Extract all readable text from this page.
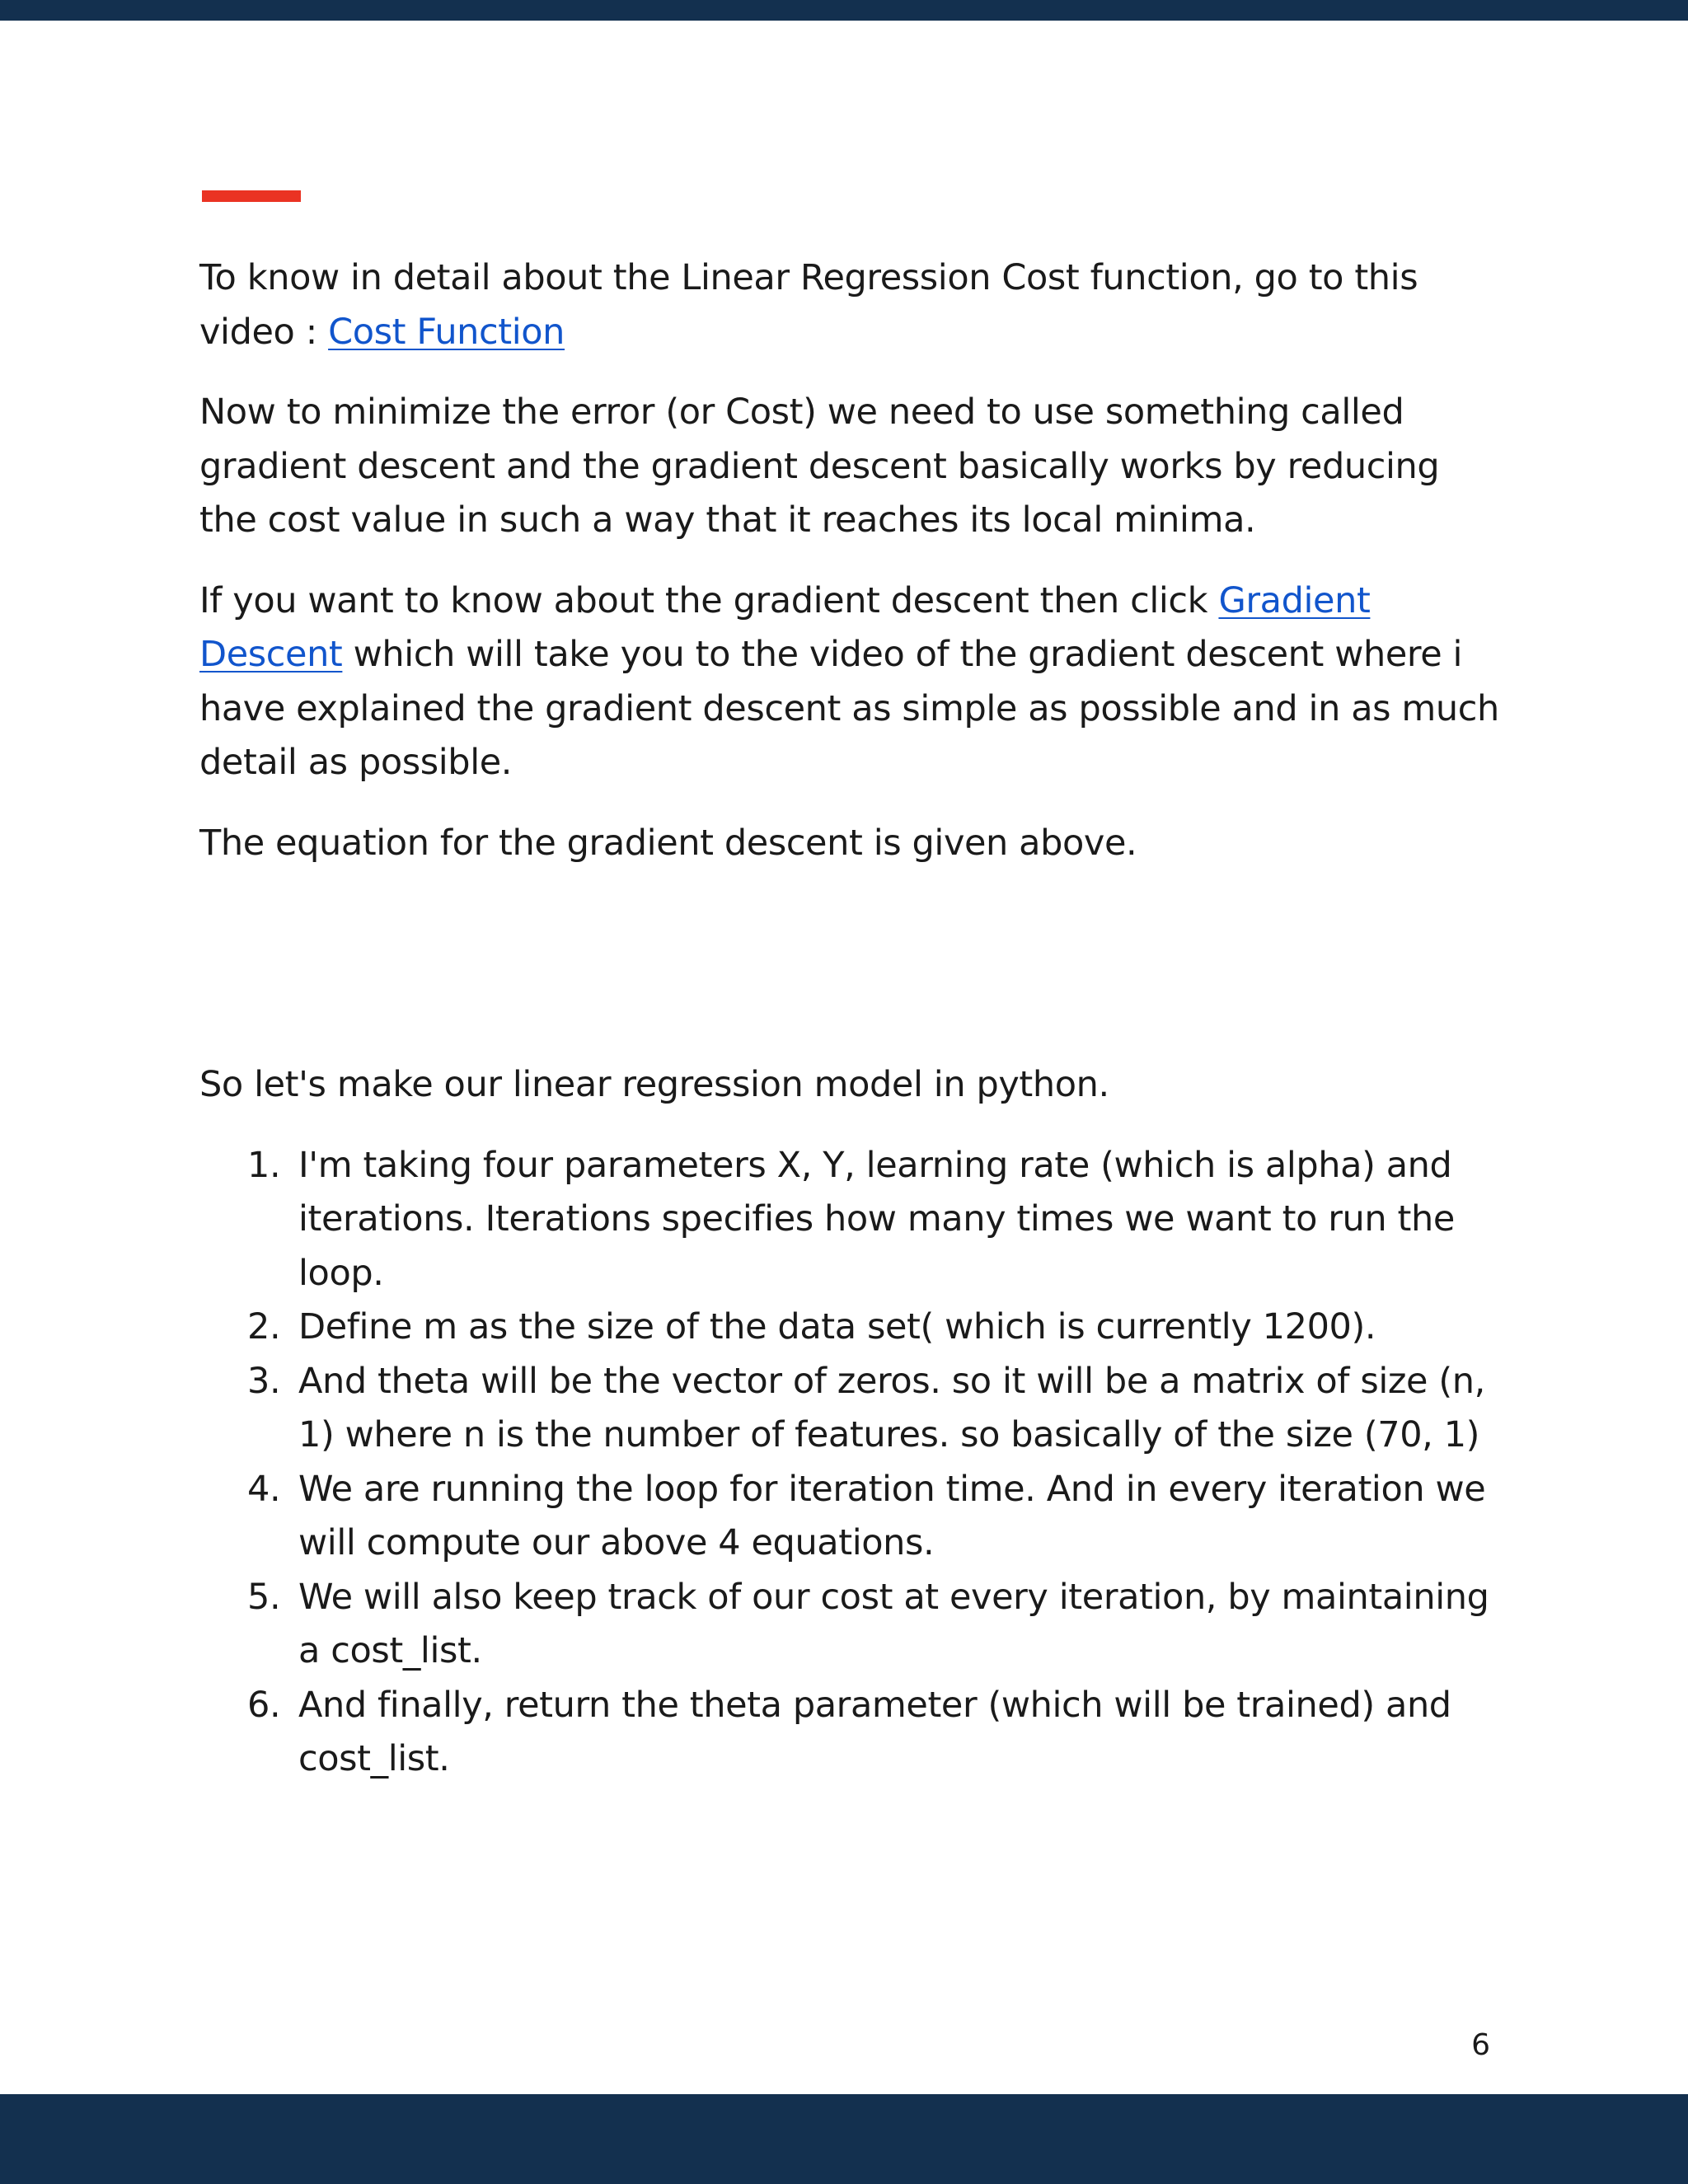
To know in detail about the Linear Regression Cost function, go to this video : Cost Function

Now to minimize the error (or Cost) we need to use something called gradient descent and the gradient descent basically works by reducing the cost value in such a way that it reaches its local minima.

If you want to know about the gradient descent then click Gradient Descent which will take you to the video of the gradient descent where i have explained the gradient descent as simple as possible and in as much detail as possible.

The equation for the gradient descent is given above.

So let's make our linear regression model in python.

1. I'm taking four parameters X, Y, learning rate (which is alpha) and iterations. Iterations specifies how many times we want to run the loop.
2. Define m as the size of the data set( which is currently 1200).
3. And theta will be the vector of zeros. so it will be a matrix of size (n, 1) where n is the number of features. so basically of the size (70, 1)
4. We are running the loop for iteration time. And in every iteration we will compute our above 4 equations.
5. We will also keep track of our cost at every iteration, by maintaining a cost_list.
6. And finally, return the theta parameter (which will be trained) and cost_list.
6
